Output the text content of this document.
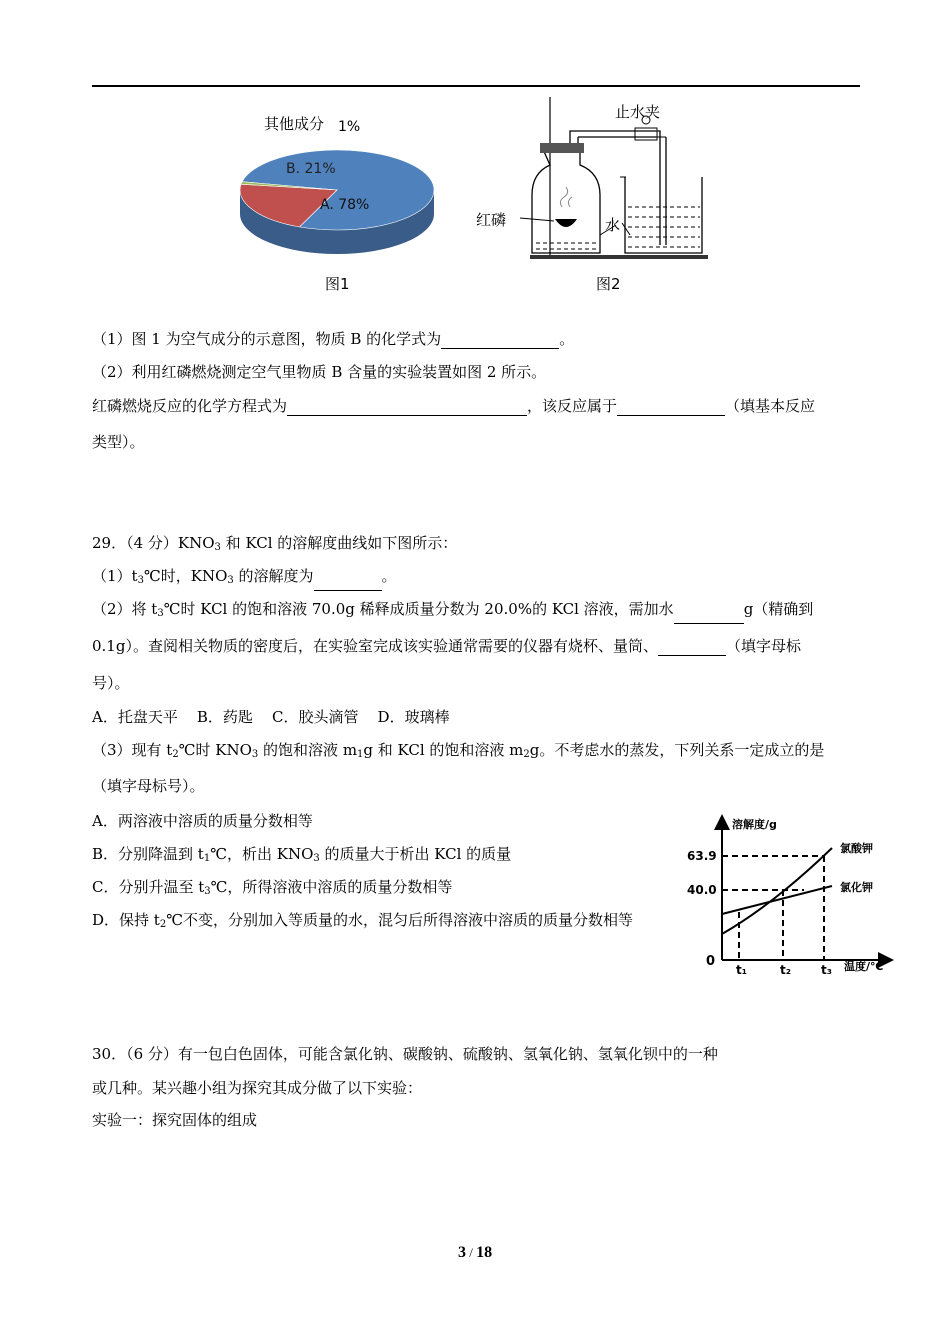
其他成分 1%
B. 21%
A. 78%
图1
止水夹
红磷	水
图2
（1）图 1 为空气成分的示意图，物质 B 的化学式为	。
（2）利用红磷燃烧测定空气里物质 B 含量的实验装置如图 2 所示。
红磷燃烧反应的化学方程式为	，该反应属于	（填基本反应
类型）。
29．（4 分）$KNO_3$ 和 KCl 的溶解度曲线如下图所示：
$(1)t_3℃$时，$KNO_3$ 的溶解度为	。
（2）将 $t_3℃$时 KCl 的饱和溶液 70.0g 稀释成质量分数为 20.0%的 KCl 溶液，需加水	g（精确到
0.1g）。查阅相关物质的密度后，在实验室完成该实验通常需要的仪器有烧杯、量筒、	（填字母标
号）。
A．托盘天平    B．药匙    C．胶头滴管    D．玻璃棒
（3）现有 $t_2℃$时 $KNO_3$ 的饱和溶液 $m_1g$ 和 KCl 的饱和溶液 $m_2g$。不考虑水的蒸发，下列关系一定成立的是
（填字母标号）。
A．两溶液中溶质的质量分数相等
B．分别降温到 $t_1℃$，析出 $KNO_3$ 的质量大于析出 KCl 的质量
C．分别升温至 $t_3℃$，所得溶液中溶质的质量分数相等
D．保持 $t_2℃$不变，分别加入等质量的水，混匀后所得溶液中溶质的质量分数相等
溶解度/g
温度/℃
0
63.9
40.0
t₁	t₂	t₃
氯酸钾
氯化钾
30．（6 分）有一包白色固体，可能含氯化钠、碳酸钠、硫酸钠、氢氧化钠、氢氧化钡中的一种
或几种。某兴趣小组为探究其成分做了以下实验：
实验一：探究固体的组成
3 / 18
